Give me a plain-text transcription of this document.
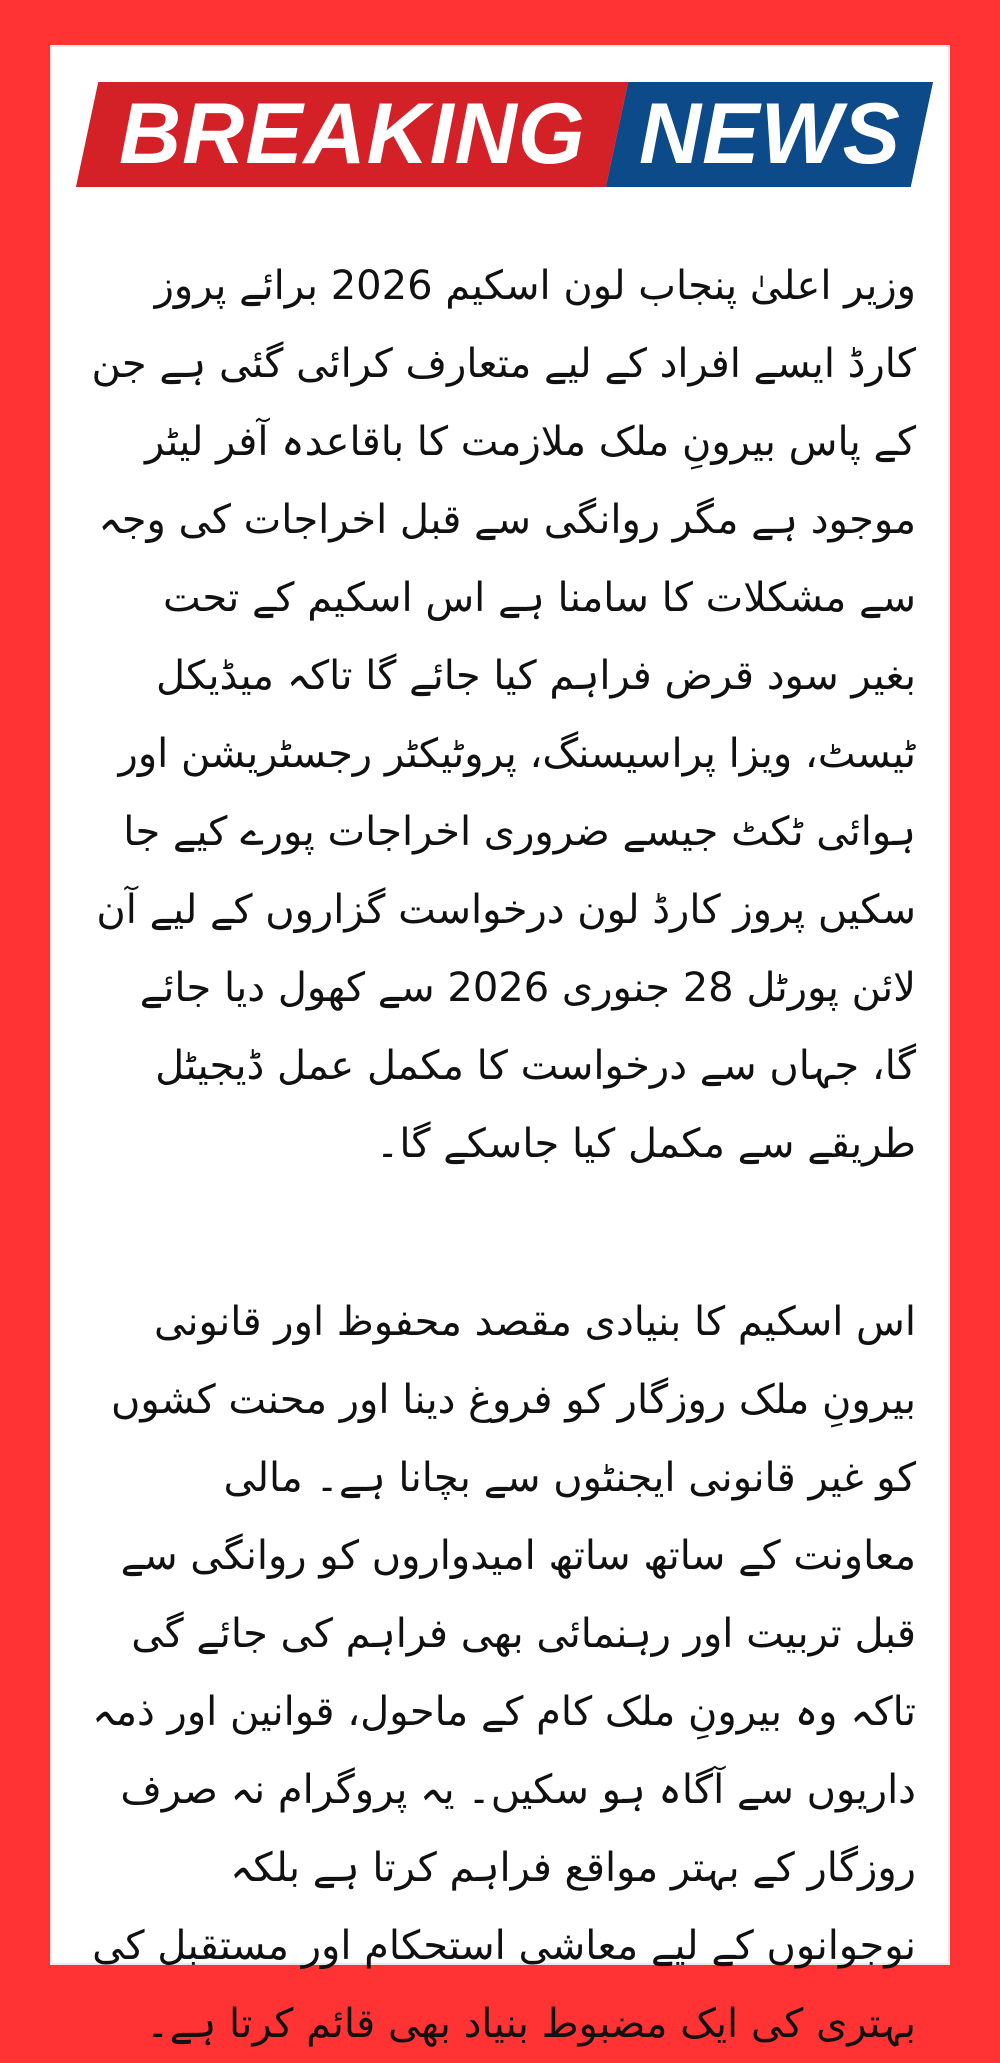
BREAKING NEWS

وزیر اعلیٰ پنجاب لون اسکیم 2026 برائے پروز کارڈ ایسے افراد کے لیے متعارف کرائی گئی ہے جن کے پاس بیرونِ ملک ملازمت کا باقاعدہ آفر لیٹر موجود ہے مگر روانگی سے قبل اخراجات کی وجہ سے مشکلات کا سامنا ہے اس اسکیم کے تحت بغیر سود قرض فراہم کیا جائے گا تاکہ میڈیکل ٹیسٹ، ویزا پراسیسنگ، پروٹیکٹر رجسٹریشن اور ہوائی ٹکٹ جیسے ضروری اخراجات پورے کیے جا سکیں پروز کارڈ لون درخواست گزاروں کے لیے آن لائن پورٹل 28 جنوری 2026 سے کھول دیا جائے گا، جہاں سے درخواست کا مکمل عمل ڈیجیٹل طریقے سے مکمل کیا جاسکے گا۔

اس اسکیم کا بنیادی مقصد محفوظ اور قانونی بیرونِ ملک روزگار کو فروغ دینا اور محنت کشوں کو غیر قانونی ایجنٹوں سے بچانا ہے۔ مالی معاونت کے ساتھ ساتھ امیدواروں کو روانگی سے قبل تربیت اور رہنمائی بھی فراہم کی جائے گی تاکہ وہ بیرونِ ملک کام کے ماحول، قوانین اور ذمہ داریوں سے آگاہ ہو سکیں۔ یہ پروگرام نہ صرف روزگار کے بہتر مواقع فراہم کرتا ہے بلکہ نوجوانوں کے لیے معاشی استحکام اور مستقبل کی بہتری کی ایک مضبوط بنیاد بھی قائم کرتا ہے۔
